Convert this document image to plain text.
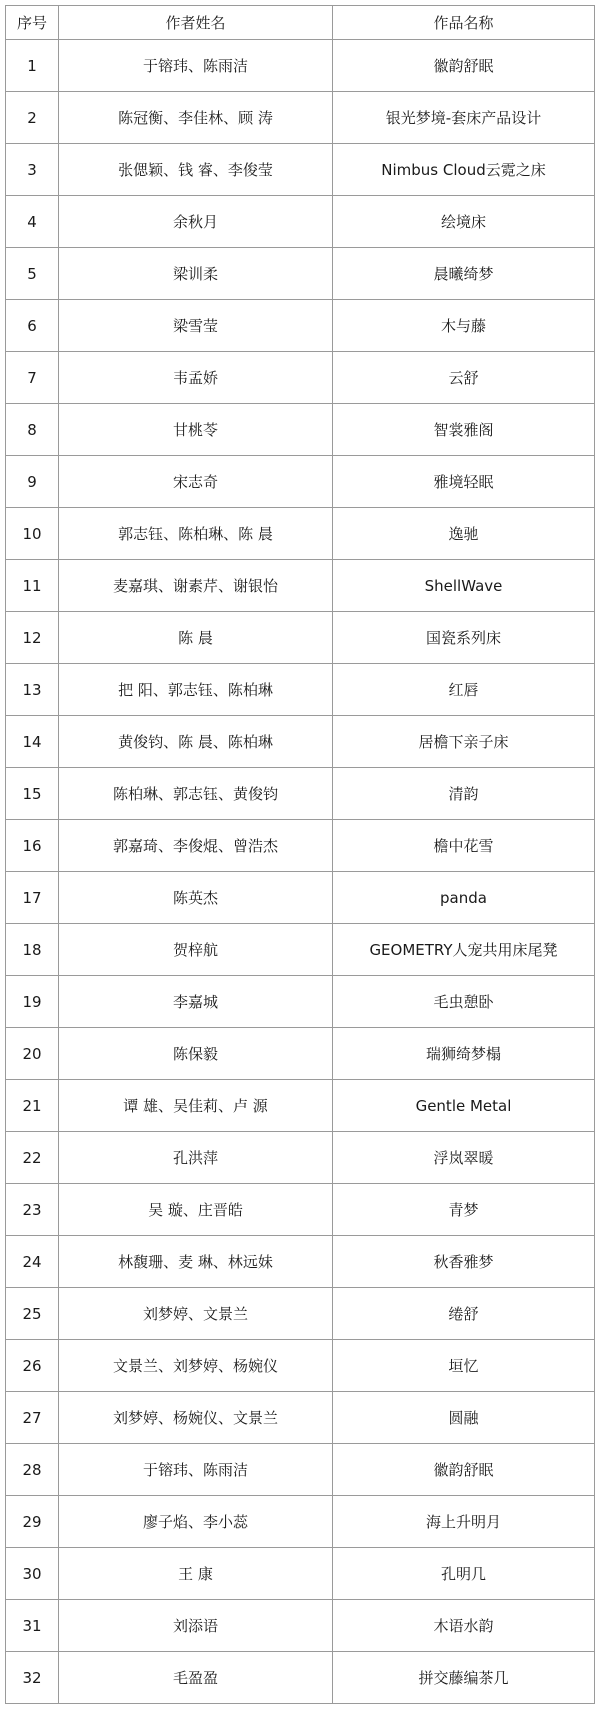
序号	作者姓名	作品名称
1	于镕玮、陈雨洁	徽韵舒眠
2	陈冠衡、李佳林、顾 涛	银光梦境-套床产品设计
3	张偲颖、钱 睿、李俊莹	Nimbus Cloud云霓之床
4	余秋月	绘境床
5	梁训柔	晨曦绮梦
6	梁雪莹	木与藤
7	韦孟娇	云舒
8	甘桃苓	智裳雅阁
9	宋志奇	雅境轻眠
10	郭志钰、陈柏琳、陈 晨	逸驰
11	麦嘉琪、谢素芹、谢银怡	ShellWave
12	陈 晨	国瓷系列床
13	把 阳、郭志钰、陈柏琳	红唇
14	黄俊钧、陈 晨、陈柏琳	居檐下亲子床
15	陈柏琳、郭志钰、黄俊钧	清韵
16	郭嘉琦、李俊焜、曾浩杰	檐中花雪
17	陈英杰	panda
18	贺梓航	GEOMETRY人宠共用床尾凳
19	李嘉城	毛虫憩卧
20	陈保毅	瑞狮绮梦榻
21	谭 雄、吴佳莉、卢 源	Gentle Metal
22	孔洪萍	浮岚翠暖
23	吴 璇、庄晋皓	青梦
24	林馥珊、麦 琳、林远妹	秋香雅梦
25	刘梦婷、文景兰	绻舒
26	文景兰、刘梦婷、杨婉仪	垣忆
27	刘梦婷、杨婉仪、文景兰	圆融
28	于镕玮、陈雨洁	徽韵舒眠
29	廖子焰、李小蕊	海上升明月
30	王 康	孔明几
31	刘添语	木语水韵
32	毛盈盈	拼交藤编茶几
